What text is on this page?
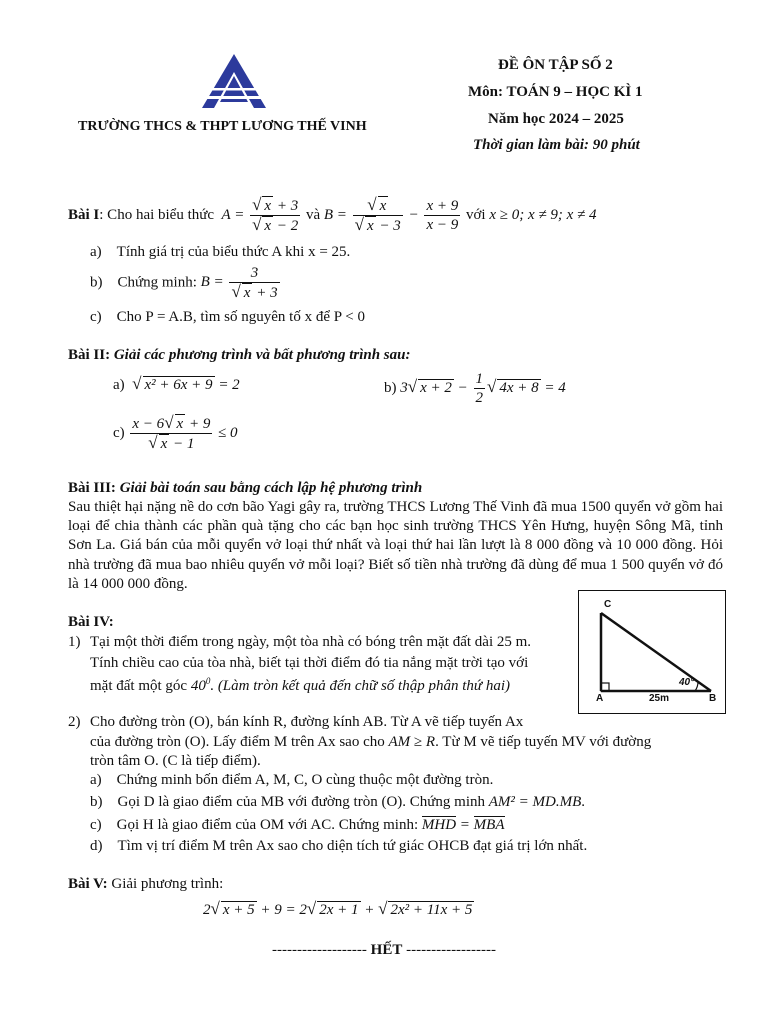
TRƯỜNG THCS & THPT LƯƠNG THẾ VINH
ĐỀ ÔN TẬP SỐ 2
Môn: TOÁN 9 – HỌC KÌ 1
Năm học 2024 – 2025
Thời gian làm bài: 90 phút
Bài I: Cho hai biểu thức  $A = \frac{√ x + 3}{√ x - 2}$ và $B = \frac{√ x}{√ x - 3} - \frac{x + 9}{x - 9}$ với x ≥ 0; x ≠ 9; x ≠ 4
a) Tính giá trị của biểu thức A khi x = 25.
b) Chứng minh: $B = \frac{3}{√ x + 3}$
c) Cho P = A.B, tìm số nguyên tố x để P < 0
Bài II: Giải các phương trình và bất phương trình sau:
a) √ x² + 6x + 9 = 2	b) 3√ $x + 2 - \frac{1}{2}$ √ 4x + 8 = 4
$c) \frac{x - 6√ x + 9}{√ x - 1} \le 0$
Bài III: Giải bài toán sau bằng cách lập hệ phương trình
Sau thiệt hại nặng nề do cơn bão Yagi gây ra, trường THCS Lương Thế Vinh đã mua 1500 quyển vở gồm hai loại để chia thành các phần quà tặng cho các bạn học sinh trường THCS Yên Hưng, huyện Sông Mã, tỉnh Sơn La. Giá bán của mỗi quyển vở loại thứ nhất và loại thứ hai lần lượt là 8 000 đồng và 10 000 đồng. Hỏi nhà trường đã mua bao nhiêu quyển vở mỗi loại? Biết số tiền nhà trường đã dùng để mua 1 500 quyển vở đó là 14 000 000 đồng.
Bài IV:
1) Tại một thời điểm trong ngày, một tòa nhà có bóng trên mặt đất dài 25 m.
Tính chiều cao của tòa nhà, biết tại thời điểm đó tia nắng mặt trời tạo với
mặt đất một góc $40^0$. (Làm tròn kết quả đến chữ số thập phân thứ hai)
C
A	B
25m
40°
2) Cho đường tròn (O), bán kính R, đường kính AB. Từ A vẽ tiếp tuyến Ax
của đường tròn (O). Lấy điểm M trên Ax sao cho AM ≥ R. Từ M vẽ tiếp tuyến MV với đường
tròn tâm O. (C là tiếp điểm).
a) Chứng minh bốn điểm A, M, C, O cùng thuộc một đường tròn.
b) Gọi D là giao điểm của MB với đường tròn (O). Chứng minh AM² = MD.MB.
c) Gọi H là giao điểm của OM với AC. Chứng minh: MHD = MBA
d) Tìm vị trí điểm M trên Ax sao cho diện tích tứ giác OHCB đạt giá trị lớn nhất.
Bài V: Giải phương trình:
2√ x + 5 + 9 = 2√ 2x + 1 + √ 2x² + 11x + 5
------------------- HẾT ------------------
